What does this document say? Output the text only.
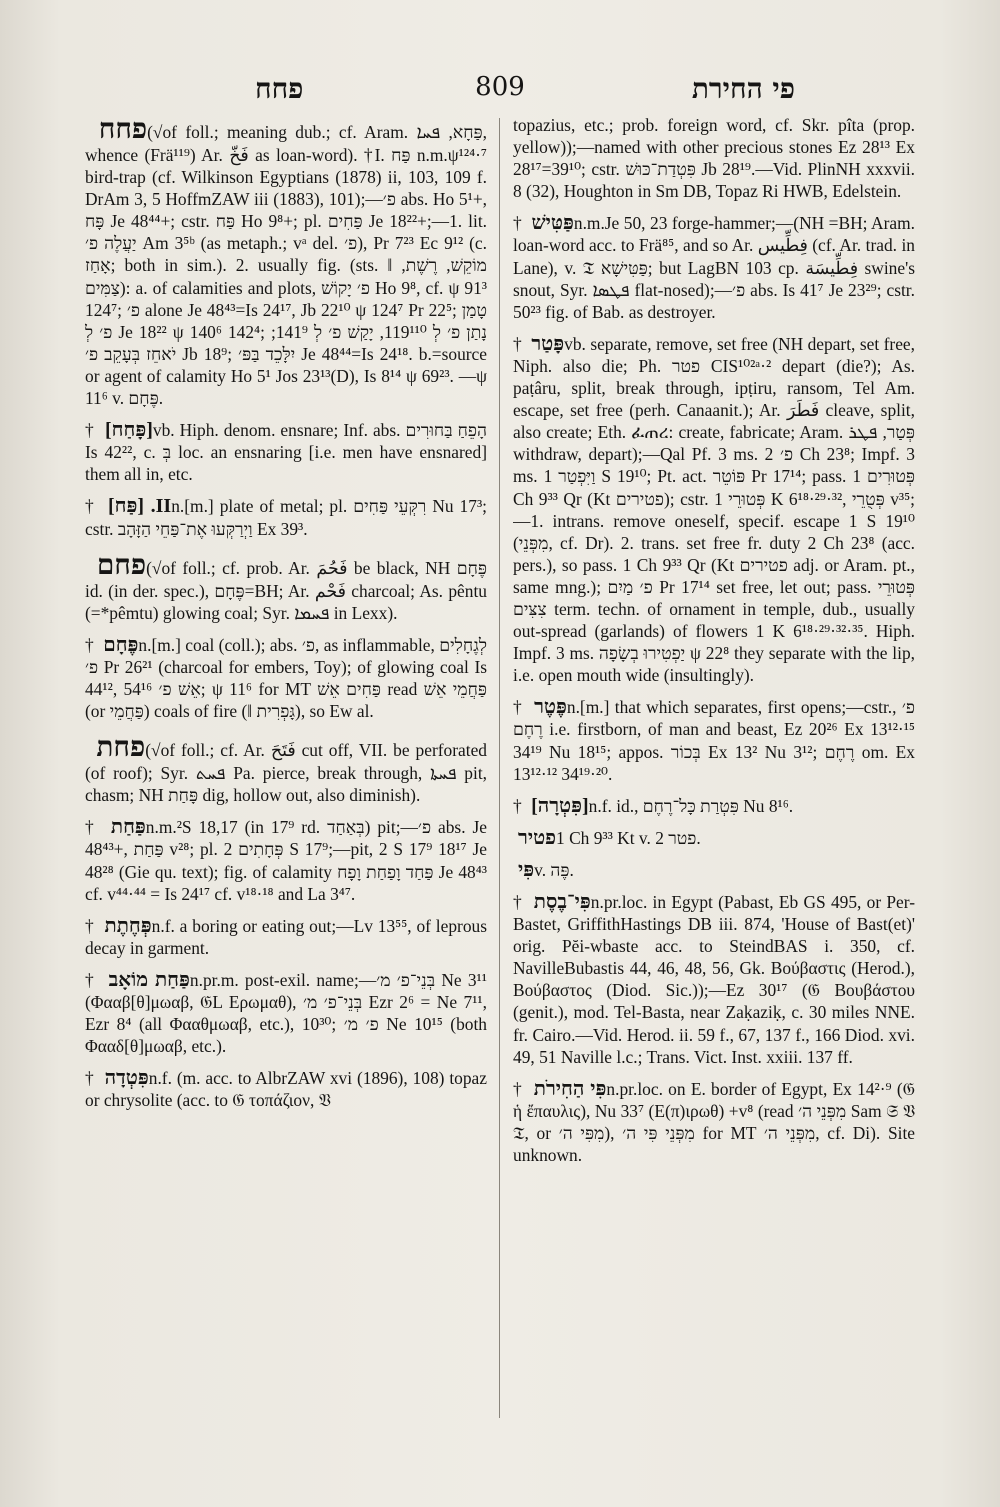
פחח	809	פי החירת
פחח (√of foll.; meaning dub.; cf. Aram. פַּחָא, ܦܚܐ, whence (Frä¹¹⁹) Ar. فَخّ as loan-word). †I. פַּח n.m.ψ¹²⁴·⁷ bird-trap (cf. Wilkinson Egyptians (1878) ii, 103, 109 f. DrAm 3, 5 HoffmZAW iii (1883), 101);—פ׳ abs. Ho 5¹+, פָּח Je 48⁴⁴+; cstr. פַּח Ho 9⁸+; pl. פַּחִים Je 18²²+;—1. lit. יַעֲלֶה פ׳ Am 3⁵ᵇ (as metaph.; vᵃ del. פ׳), Pr 7²³ Ec 9¹² (c. אָחַז; both in sim.). 2. usually fig. (sts. ‖ מוֹקֵשׁ, רֶשֶׁת, צַמִּים): a. of calamities and plots, פ׳ יָקוֹשׁ Ho 9⁸, cf. ψ 91³ 124⁷; פ׳ alone Je 48⁴³=Is 24¹⁷, Jb 22¹⁰ ψ 124⁷ Pr 22⁵; טָמַן פ׳ לְ Je 18²² ψ 140⁶ 142⁴; נָתַן פ׳ לְ 119¹¹⁰, יָקַשׁ פ׳ לְ 141⁹; יֹאחֵז בְּעָקֵב פ׳ Jb 18⁹; יִלָּכֵד בַּפּ׳ Je 48⁴⁴=Is 24¹⁸. b.=source or agent of calamity Ho 5¹ Jos 23¹³(D), Is 8¹⁴ ψ 69²³. —ψ 11⁶ v. פֶּחָם.
† [פָּחַח] vb. Hiph. denom. ensnare; Inf. abs. הָפֵחַ בַּחוּרִים Is 42²², c. בְּ loc. an ensnaring [i.e. men have ensnared] them all in, etc.
† II. [פַּח] n.[m.] plate of metal; pl. רִקְּעֵי פַּחִים Nu 17³; cstr. וַיְרַקְּעוּ אֶת־פַּחֵי הַזָּהָב Ex 39³.
פחם (√of foll.; cf. prob. Ar. فَحُمَ be black, NH פֶּחָם id. (in der. spec.), פֶּחָם=BH; Ar. فَحْم charcoal; As. pêntu (=*pêmtu) glowing coal; Syr. ܦܚܡܐ in Lexx).
† פֶּחָם n.[m.] coal (coll.); abs. פ׳, as inflammable, לְגֶחָלִים פ׳ Pr 26²¹ (charcoal for embers, Toy); of glowing coal Is 44¹², אֵשׁ פ׳ 54¹⁶; ψ 11⁶ for MT פַּחִים אֵשׁ read פַּחֲמֵי אֵשׁ (or פַּחֲמֵי) coals of fire (‖ גָּפְרִית), so Ew al.
פחת (√of foll.; cf. Ar. فَتَحَ cut off, VII. be perforated (of roof); Syr. ܦܚܬ Pa. pierce, break through, ܦܚܬܐ pit, chasm; NH פָּחַת dig, hollow out, also diminish).
† פַּחַת n.m.²S 18,17 (in 17⁹ rd. בְּאַחַד) pit;—פ׳ abs. Je 48⁴³+, פַּחַת v²⁸; pl. פְּחָתִים 2 S 17⁹;—pit, 2 S 17⁹ 18¹⁷ Je 48²⁸ (Gie qu. text); fig. of calamity פַּחַד וָפַחַת וָפָח Je 48⁴³ cf. v⁴⁴·⁴⁴ = Is 24¹⁷ cf. v¹⁸·¹⁸ and La 3⁴⁷.
† פְּחֶתֶת n.f. a boring or eating out;—Lv 13⁵⁵, of leprous decay in garment.
† פַּחַת מוֹאָב n.pr.m. post-exil. name;—בְּנֵי־פ׳ מ׳ Ne 3¹¹ (Φααβ[θ]μωαβ, 𝔊L Ερωμαθ), בְּנֵי־פ׳ מ׳ Ezr 2⁶ = Ne 7¹¹, Ezr 8⁴ (all Φααθμωαβ, etc.), 10³⁰; פ׳ מ׳ Ne 10¹⁵ (both Φααδ[θ]μωαβ, etc.).
† פִּטְדָה n.f. (m. acc. to AlbrZAW xvi (1896), 108) topaz or chrysolite (acc. to 𝔊 τοπάζιον, 𝔙
topazius, etc.; prob. foreign word, cf. Skr. pîta (prop. yellow));—named with other precious stones Ez 28¹³ Ex 28¹⁷=39¹⁰; cstr. פִּטְדַת־כּוּשׁ Jb 28¹⁹.—Vid. PlinNH xxxvii. 8 (32), Houghton in Sm DB, Topaz Ri HWB, Edelstein.
† פַּטִּישׁ n.m.Je 50, 23 forge-hammer;—(NH =BH; Aram. loan-word acc. to Frä⁸⁵, and so Ar. فِطِّيس (cf. Ar. trad. in Lane), v. 𝔗 פַּטִּישָׁא; but LagBN 103 cp. فِطِّيسَة swine's snout, Syr. ܦܛܣܐ flat-nosed);—פ׳ abs. Is 41⁷ Je 23²⁹; cstr. 50²³ fig. of Bab. as destroyer.
† פָּטַר vb. separate, remove, set free (NH depart, set free, Niph. also die; Ph. פטר CIS¹⁰²ᵃ·² depart (die?); As. paṭâru, split, break through, ipṭiru, ransom, Tel Am. escape, set free (perh. Canaanit.); Ar. فَطَرَ cleave, split, also create; Eth. ፈጠረ: create, fabricate; Aram. פְּטַר, ܦܛܪ withdraw, depart);—Qal Pf. 3 ms. פ׳ 2 Ch 23⁸; Impf. 3 ms. וַיִּפְטַר 1 S 19¹⁰; Pt. act. פּוֹטֵר Pr 17¹⁴; pass. פְּטוּרִים 1 Ch 9³³ Qr (Kt פטירים); cstr. פְּטוּרֵי 1 K 6¹⁸·²⁹·³², פְּטֻרֵי v³⁵;—1. intrans. remove oneself, specif. escape 1 S 19¹⁰ (מִפְּנֵי, cf. Dr). 2. trans. set free fr. duty 2 Ch 23⁸ (acc. pers.), so pass. 1 Ch 9³³ Qr (Kt פטירים adj. or Aram. pt., same mng.); פ׳ מַיִם Pr 17¹⁴ set free, let out; pass. פְּטוּרֵי צִצִּים term. techn. of ornament in temple, dub., usually out-spread (garlands) of flowers 1 K 6¹⁸·²⁹·³²·³⁵. Hiph. Impf. 3 ms. יַפְטִירוּ בְשָׂפָה ψ 22⁸ they separate with the lip, i.e. open mouth wide (insultingly).
† פֶּטֶר n.[m.] that which separates, first opens;—cstr., פ׳ רֶחֶם i.e. firstborn, of man and beast, Ez 20²⁶ Ex 13¹²·¹⁵ 34¹⁹ Nu 18¹⁵; appos. בְּכוֹר Ex 13² Nu 3¹²; רֶחֶם om. Ex 13¹²·¹² 34¹⁹·²⁰.
† [פִּטְרָה] n.f. id., פִּטְרַת כָּל־רֶחֶם Nu 8¹⁶.
פטיר 1 Ch 9³³ Kt v. פטר 2.
פִּי v. פֶּה.
† פִּי־בֶסֶת n.pr.loc. in Egypt (Pabast, Eb GS 495, or Per-Bastet, GriffithHastings DB iii. 874, 'House of Bast(et)' orig. Pĕi-wbaste acc. to SteindBAS i. 350, cf. NavilleBubastis 44, 46, 48, 56, Gk. Βούβαστις (Herod.), Βούβαστος (Diod. Sic.));—Ez 30¹⁷ (𝔊 Βουβάστου (genit.), mod. Tel-Basta, near Zaḳaziḳ, c. 30 miles NNE. fr. Cairo.—Vid. Herod. ii. 59 f., 67, 137 f., 166 Diod. xvi. 49, 51 Naville l.c.; Trans. Vict. Inst. xxiii. 137 ff.
† פִּי הַחִירֹת n.pr.loc. on E. border of Egypt, Ex 14²·⁹ (𝔊 ἡ ἔπαυλις), Nu 33⁷ (Ε(π)ιρωθ) +v⁸ (read מִפְּנֵי ה׳ Sam 𝔖 𝔙 𝔗, or מִפִּי ה׳), מִפְּנֵי פִּי ה׳ for MT מִפְּנֵי ה׳, cf. Di). Site unknown.
